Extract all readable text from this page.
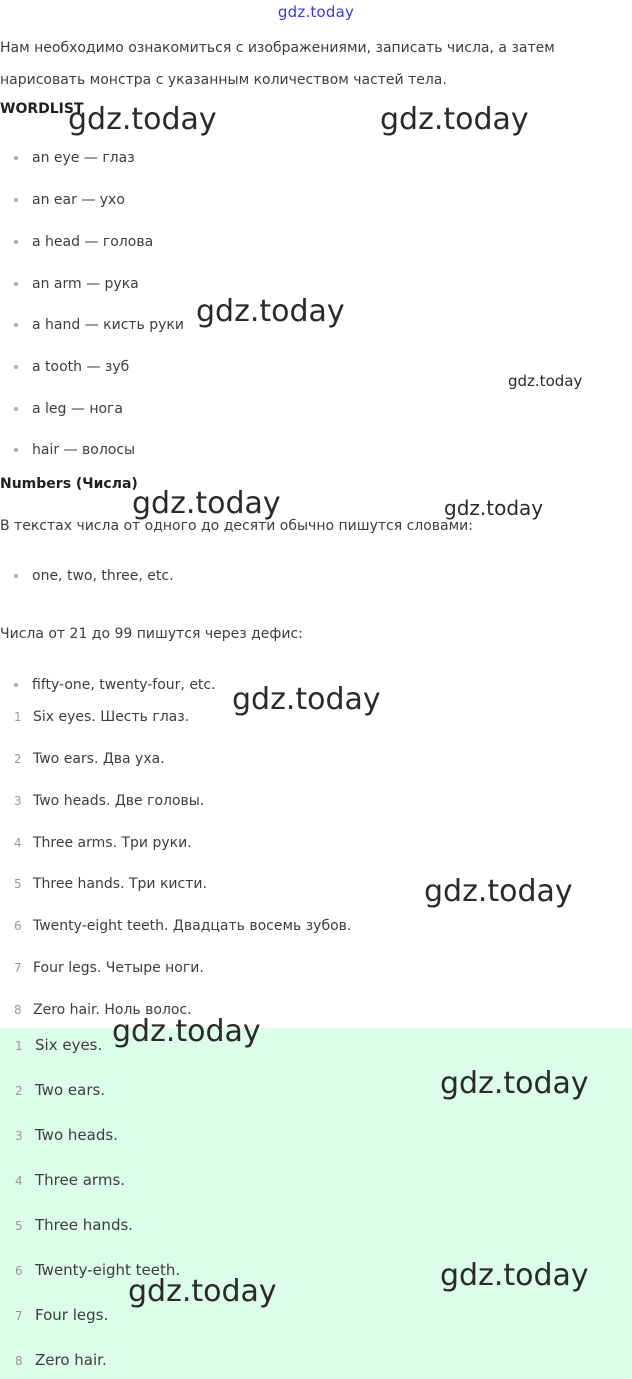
gdz.today
Нам необходимо ознакомиться с изображениями, записать числа, а затем нарисовать монстра с указанным количеством частей тела.
WORDLIST
an eye — глаз
an ear — ухо
a head — голова
an arm — рука
a hand — кисть руки
a tooth — зуб
a leg — нога
hair — волосы
Numbers (Числа)
В текстах числа от одного до десяти обычно пишутся словами:
one, two, three, etc.
Числа от 21 до 99 пишутся через дефис:
fifty-one, twenty-four, etc.
1 Six eyes. Шесть глаз.
2 Two ears. Два уха.
3 Two heads. Две головы.
4 Three arms. Три руки.
5 Three hands. Три кисти.
6 Twenty-eight teeth. Двадцать восемь зубов.
7 Four legs. Четыре ноги.
8 Zero hair. Ноль волос.
1 Six eyes.
2 Two ears.
3 Two heads.
4 Three arms.
5 Three hands.
6 Twenty-eight teeth.
7 Four legs.
8 Zero hair.
gdz.today	gdz.today
gdz.today
gdz.today
gdz.today	gdz.today
gdz.today
gdz.today
gdz.today
gdz.today
gdz.today
gdz.today
